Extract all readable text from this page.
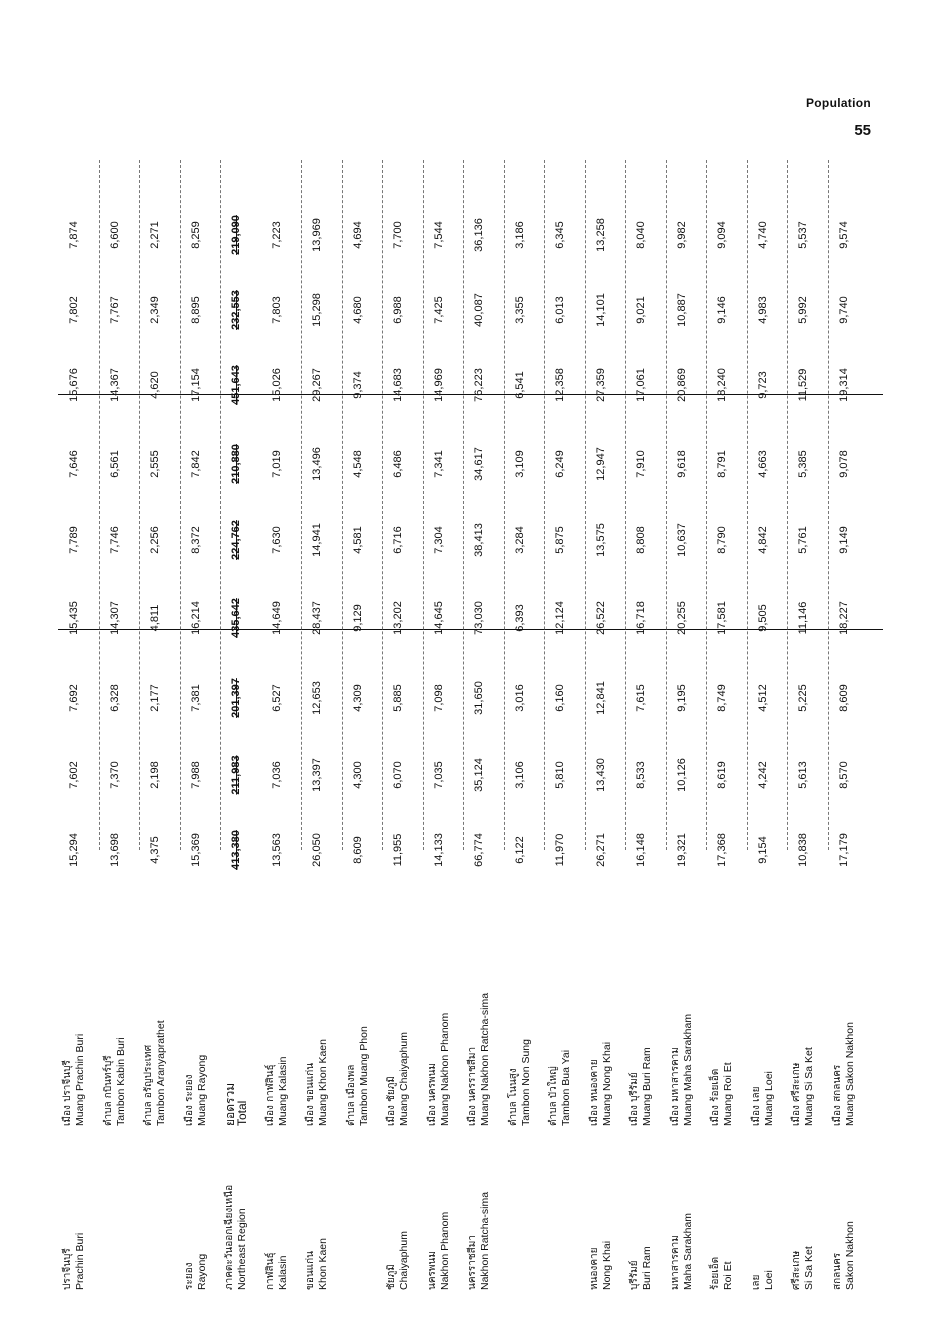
Population
55
ปราจีนบุรี Prachin Buri
เมือง ปราจีนบุรี Muang Prachin Buri
15,294
7,602
7,692
15,435
7,789
7,646
15,676
7,802
7,874
ตำบล กบินทร์บุรี Tambon Kabin Buri
13,698
7,370
6,328
14,307
7,746
6,561
14,367
7,767
6,600
ตำบล อรัญประเทศ Tambon Aranyaprathet
4,375
2,198
2,177
4,811
2,256
2,555
4,620
2,349
2,271
ระยอง Rayong
เมือง ระยอง Muang Rayong
15,369
7,988
7,381
16,214
8,372
7,842
17,154
8,895
8,259
ภาคตะวันออกเฉียงเหนือ Northeast Region
ยอดรวม
Total
413,380
211,983
201,397
435,642
224,762
210,880
451,643
232,553
219,090
กาฬสินธุ์ Kalasin
เมือง กาฬสินธุ์ Muang Kalasin
13,563
7,036
6,527
14,649
7,630
7,019
15,026
7,803
7,223
ขอนแก่น Khon Kaen
เมือง ขอนแก่น Muang Khon Kaen
26,050
13,397
12,653
28,437
14,941
13,496
29,267
15,298
13,969
ตำบล เมืองพล Tambon Muang Phon
8,609
4,300
4,309
9,129
4,581
4,548
9,374
4,680
4,694
ชัยภูมิ Chaiyaphum
เมือง ชัยภูมิ Muang Chaiyaphum
11,955
6,070
5,885
13,202
6,716
6,486
14,683
6,988
7,700
นครพนม Nakhon Phanom
เมือง นครพนม Muang Nakhon Phanom
14,133
7,035
7,098
14,645
7,304
7,341
14,969
7,425
7,544
นครราชสีมา Nakhon Ratcha-sima
เมือง นครราชสีมา Muang Nakhon Ratcha-sima
66,774
35,124
31,650
73,030
38,413
34,617
76,223
40,087
36,136
ตำบล โนนสูง Tambon Non Sung
6,122
3,106
3,016
6,393
3,284
3,109
6,541
3,355
3,186
ตำบล บัวใหญ่ Tambon Bua Yai
11,970
5,810
6,160
12,124
5,875
6,249
12,358
6,013
6,345
หนองคาย Nong Khai
เมือง หนองคาย Muang Nong Khai
26,271
13,430
12,841
26,522
13,575
12,947
27,359
14,101
13,258
บุรีรัมย์ Buri Ram
เมือง บุรีรัมย์ Muang Buri Ram
16,148
8,533
7,615
16,718
8,808
7,910
17,061
9,021
8,040
มหาสารคาม Maha Sarakham
เมือง มหาสารคาม Muang Maha Sarakham
19,321
10,126
9,195
20,255
10,637
9,618
20,869
10,887
9,982
ร้อยเอ็ด Roi Et
เมือง ร้อยเอ็ด Muang Roi Et
17,368
8,619
8,749
17,581
8,790
8,791
18,240
9,146
9,094
เลย Loei
เมือง เลย Muang Loei
9,154
4,242
4,512
9,505
4,842
4,663
9,723
4,983
4,740
ศรีสะเกษ Si Sa Ket
เมือง ศรีสะเกษ Muang Si Sa Ket
10,838
5,613
5,225
11,146
5,761
5,385
11,529
5,992
5,537
สกลนคร Sakon Nakhon
เมือง สกลนคร Muang Sakon Nakhon
17,179
8,570
8,609
18,227
9,149
9,078
19,314
9,740
9,574
